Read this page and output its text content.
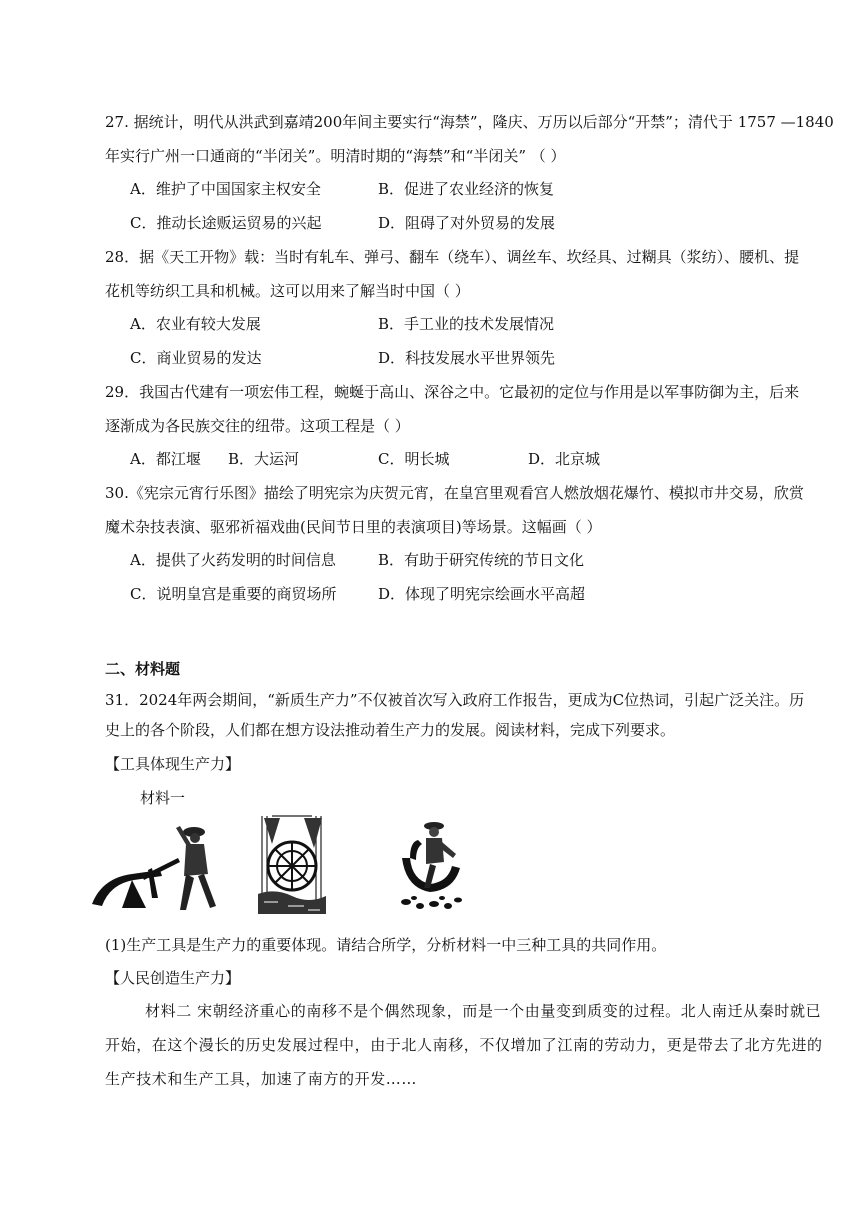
27. 据统计，明代从洪武到嘉靖200年间主要实行“海禁”，隆庆、万历以后部分“开禁”；清代于 1757 —1840
年实行广州一口通商的“半闭关”。明清时期的“海禁”和“半闭关” （ ）
A．维护了中国国家主权安全	B．促进了农业经济的恢复
C．推动长途贩运贸易的兴起	D．阻碍了对外贸易的发展
28．据《天工开物》载：当时有轧车、弹弓、翻车（绕车）、调丝车、坎经具、过糊具（浆纺）、腰机、提
花机等纺织工具和机械。这可以用来了解当时中国（ ）
A．农业有较大发展	B．手工业的技术发展情况
C．商业贸易的发达	D．科技发展水平世界领先
29．我国古代建有一项宏伟工程，蜿蜒于高山、深谷之中。它最初的定位与作用是以军事防御为主，后来
逐渐成为各民族交往的纽带。这项工程是（ ）
A．都江堰 B．大运河	C．明长城	D．北京城
30.《宪宗元宵行乐图》描绘了明宪宗为庆贺元宵，在皇宫里观看宫人燃放烟花爆竹、模拟市井交易，欣赏
魔术杂技表演、驱邪祈福戏曲(民间节日里的表演项目)等场景。这幅画（ ）
A．提供了火药发明的时间信息	B．有助于研究传统的节日文化
C．说明皇宫是重要的商贸场所	D．体现了明宪宗绘画水平高超
二、材料题
31．2024年两会期间，“新质生产力”不仅被首次写入政府工作报告，更成为C位热词，引起广泛关注。历
史上的各个阶段，人们都在想方设法推动着生产力的发展。阅读材料，完成下列要求。
【工具体现生产力】
材料一
(1)生产工具是生产力的重要体现。请结合所学，分析材料一中三种工具的共同作用。
【人民创造生产力】
材料二 宋朝经济重心的南移不是个偶然现象，而是一个由量变到质变的过程。北人南迁从秦时就已
开始，在这个漫长的历史发展过程中，由于北人南移，不仅增加了江南的劳动力，更是带去了北方先进的
生产技术和生产工具，加速了南方的开发……
